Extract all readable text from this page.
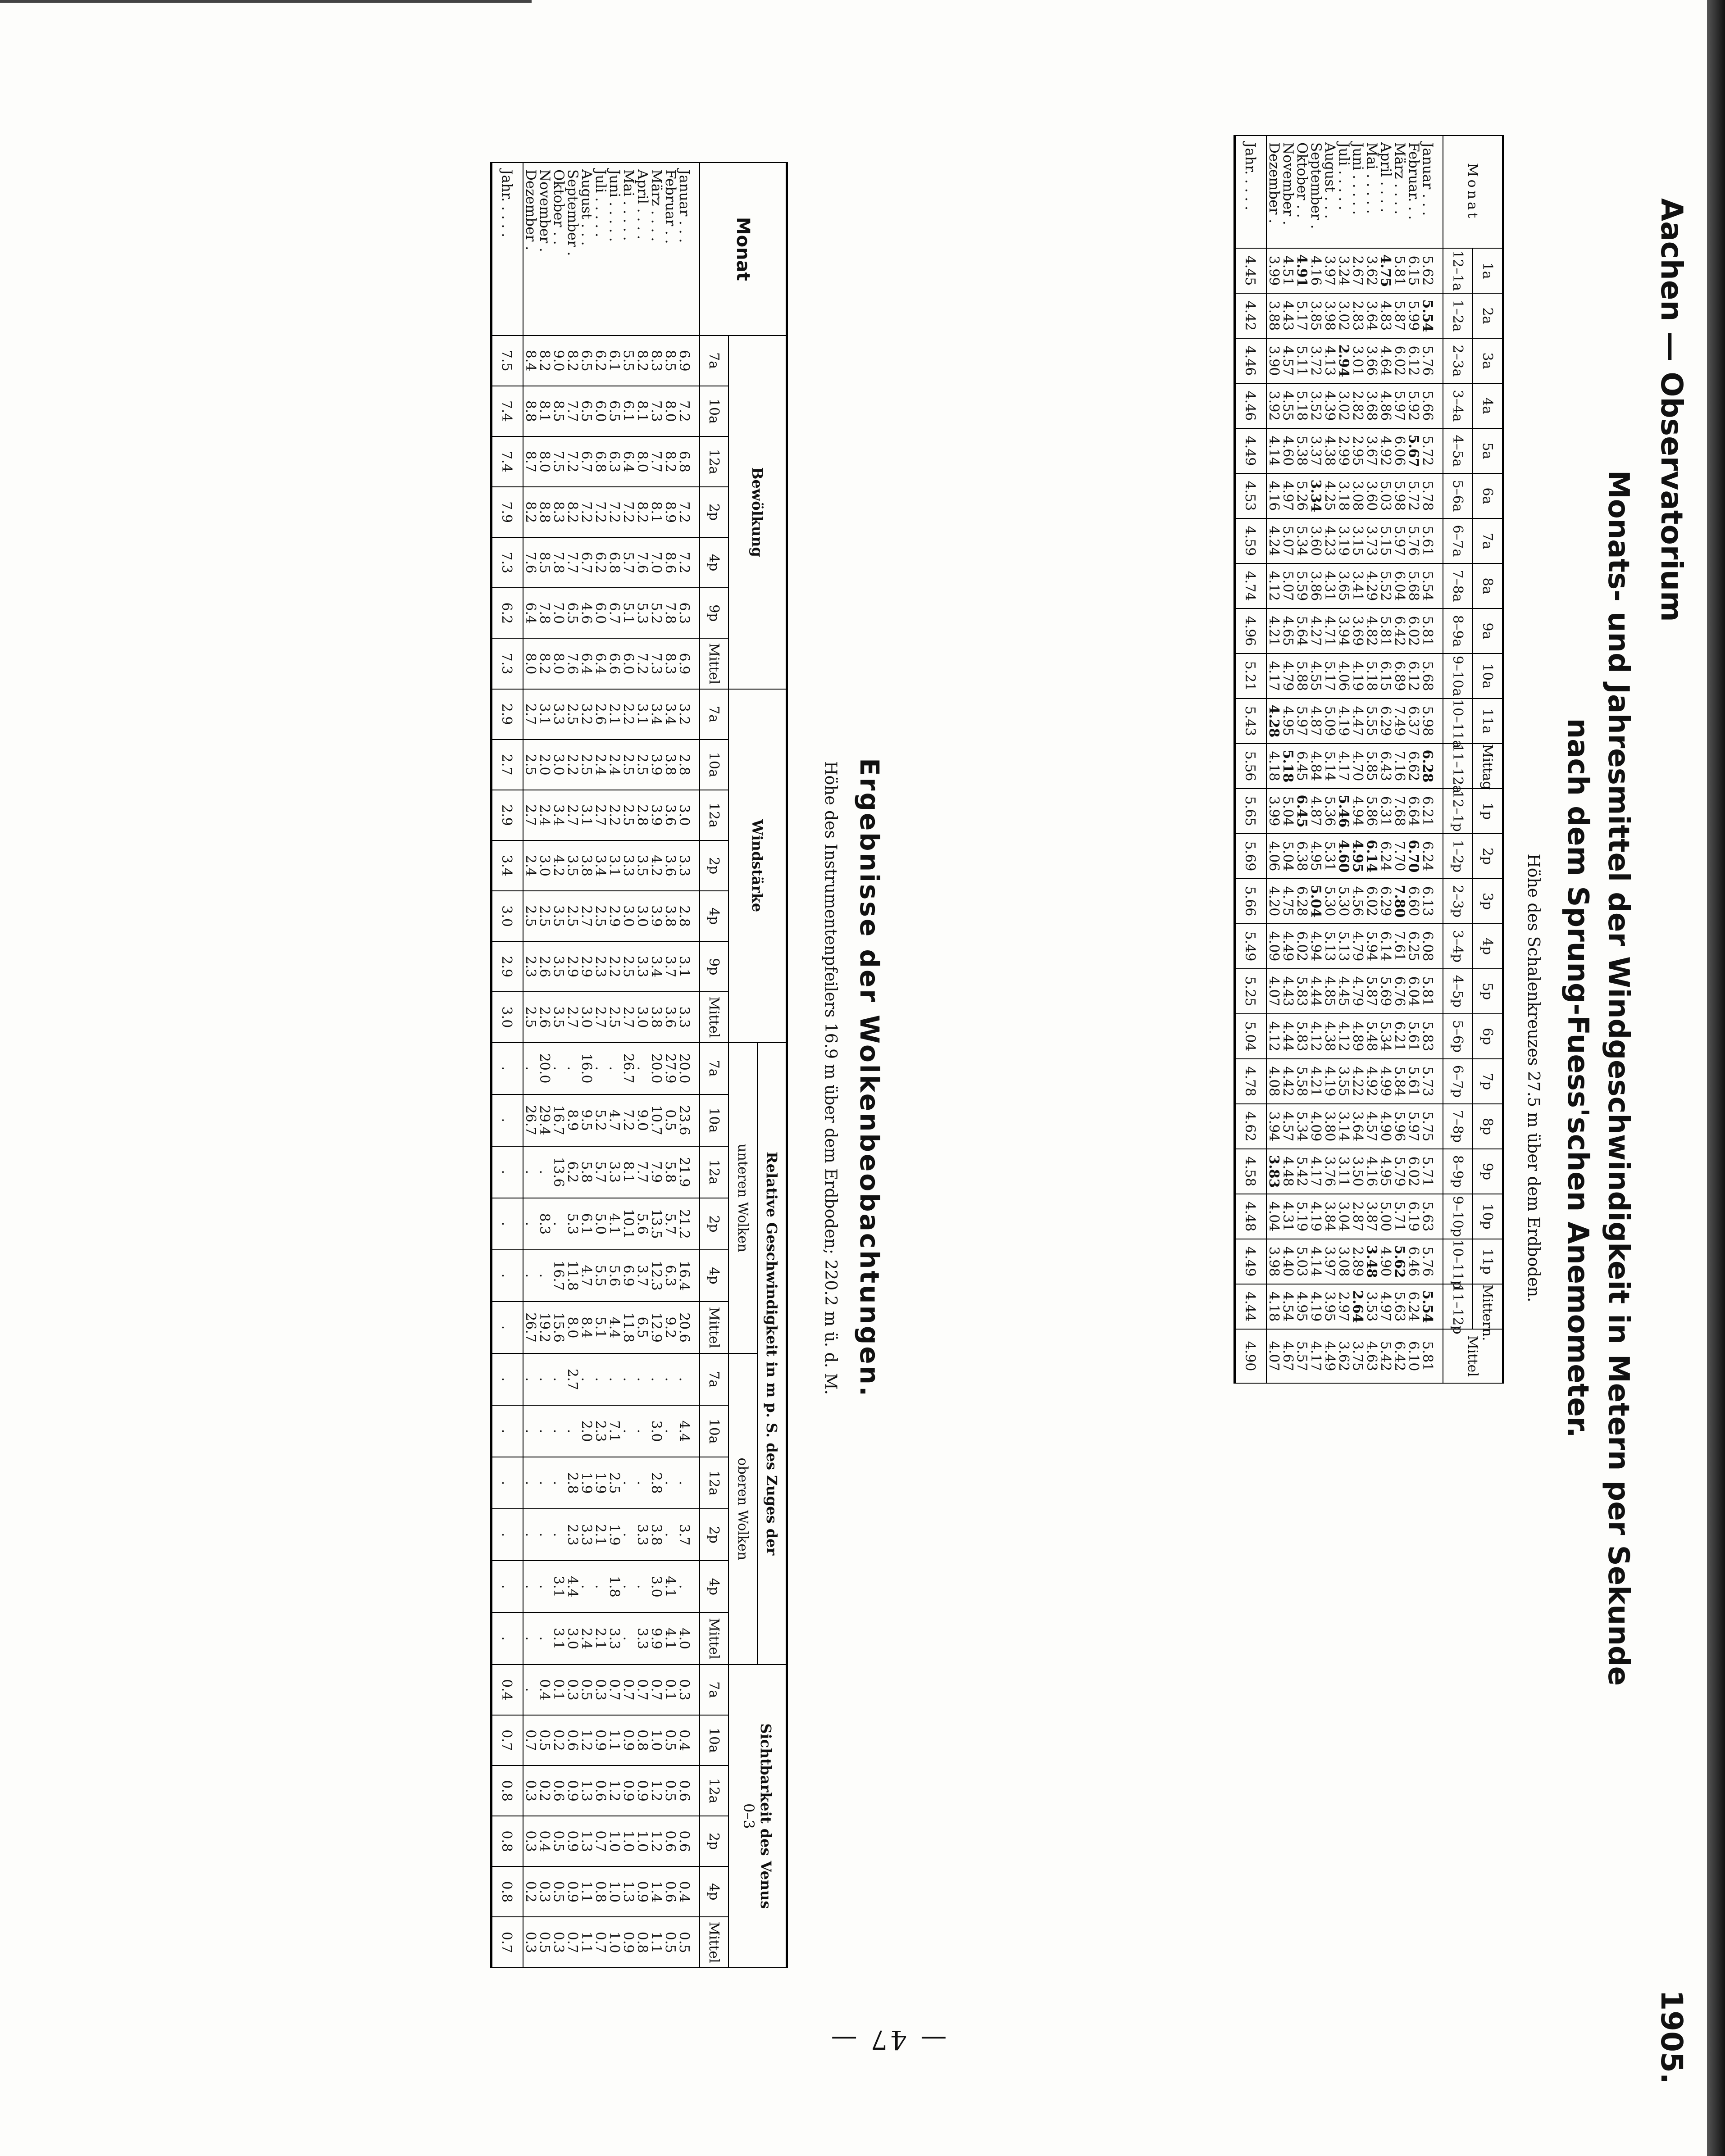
— 47 —
Aachen — Observatorium
1905.
Monats- und Jahresmittel der Windgeschwindigkeit in Metern per Sekunde
nach dem Sprung-Fuess'schen Anemometer.
Höhe des Schalenkreuzes 27.5 m über dem Erdboden.
Monat	1a	2a	3a	4a	5a	6a	7a	8a	9a	10a	11a	Mittag	1p	2p	3p	4p	5p	6p	7p	8p	9p	10p	11p	Mittern.	Mittel
	12–1a	1–2a	2–3a	3–4a	4–5a	5–6a	6–7a	7–8a	8–9a	9–10a	10–11a	11–12a	12–1p	1–2p	2–3p	3–4p	4–5p	5–6p	6–7p	7–8p	8–9p	9–10p	10–11p	11–12p	
Januar . . .	5.62	5.54	5.76	5.66	5.72	5.78	5.61	5.54	5.81	5.68	5.98	6.28	6.21	6.24	6.13	6.08	5.81	5.83	5.73	5.75	5.71	5.63	5.76	5.54	5.81
Februar. . .	6.15	5.99	6.12	5.92	5.67	5.72	5.76	5.68	6.02	6.12	6.37	6.62	6.64	6.70	6.60	6.25	6.04	5.61	5.61	5.97	6.02	6.19	6.46	6.24	6.10
März . . . .	5.81	5.87	6.02	5.97	6.06	5.98	5.97	6.04	6.42	6.89	7.49	7.16	7.68	7.70	7.80	7.61	6.76	6.21	5.84	5.96	5.79	5.71	5.62	5.63	6.42
April . . . .	4.75	4.83	4.64	4.86	4.92	5.03	5.15	5.52	5.81	6.15	6.29	6.43	6.31	6.24	6.29	6.14	5.69	5.34	4.99	4.90	4.95	5.00	4.90	4.97	5.42
Mai . . . . .	3.62	3.64	3.66	3.68	3.67	3.60	3.73	4.29	4.82	5.18	5.55	5.85	5.86	6.14	6.02	5.94	5.87	5.48	4.92	4.57	4.16	3.87	3.48	3.53	4.63
Juni . . . . .	2.67	2.83	3.01	2.82	2.95	3.08	3.15	3.41	3.69	4.19	4.47	4.70	4.94	4.95	4.56	4.79	4.79	4.89	4.22	3.64	3.50	2.87	2.89	2.64	3.75
Juli . . . . .	3.24	3.02	2.94	3.02	2.99	3.18	3.19	3.65	3.94	4.06	4.19	4.17	5.46	4.60	5.30	5.13	4.45	4.12	3.55	3.14	3.11	3.04	3.08	2.97	3.62
August . . .	3.97	3.98	4.13	4.39	4.38	4.25	4.23	4.31	4.71	5.17	5.09	5.14	5.36	5.31	5.30	5.13	4.85	4.38	4.19	3.80	3.76	3.84	3.97	3.95	4.49
September .	4.16	3.85	3.72	3.52	3.37	3.34	3.60	3.86	4.27	4.55	4.87	4.84	4.87	4.95	5.04	4.94	4.44	4.12	4.21	4.09	4.17	4.19	4.14	4.19	4.17
Oktober . .	4.91	5.17	5.11	5.18	5.38	5.26	5.34	5.59	5.64	5.88	5.97	6.45	6.45	6.38	6.28	6.02	5.83	5.83	5.58	5.34	5.42	5.19	5.03	4.95	5.57
November .	4.51	4.43	4.57	4.55	4.60	4.97	5.07	5.07	4.65	4.79	4.95	5.18	5.04	5.04	4.75	4.49	4.43	4.44	4.42	4.57	4.48	4.31	4.40	4.54	4.67
Dezember .	3.99	3.88	3.90	3.92	4.14	4.16	4.24	4.12	4.21	4.17	4.28	4.18	3.99	4.06	4.20	4.09	4.07	4.12	4.08	3.94	3.83	4.04	3.98	4.18	4.07
Jahr. . . . .	4.45	4.42	4.46	4.46	4.49	4.53	4.59	4.74	4.96	5.21	5.43	5.56	5.65	5.69	5.66	5.49	5.25	5.04	4.78	4.62	4.58	4.48	4.49	4.44	4.90
Ergebnisse der Wolkenbeobachtungen.
Höhe des Instrumentenpfeilers 16.9 m über dem Erdboden; 220.2 m ü. d. M.
Monat	Bewölkung							Windstärke							Relative Geschwindigkeit in m p. S. des Zuges der												Sichtbarkeit des Venus
0–3					
															unteren Wolken						oberen Wolken											
	7a	10a	12a	2p	4p	9p	Mittel	7a	10a	12a	2p	4p	9p	Mittel	7a	10a	12a	2p	4p	Mittel	7a	10a	12a	2p	4p	Mittel	7a	10a	12a	2p	4p	Mittel
Januar . . .	6.9	7.2	6.8	7.2	7.2	6.3	6.9	3.2	2.8	3.0	3.3	2.8	3.1	3.3	20.0	23.6	21.9	21.2	16.4	20.6	.	4.4	.	3.7	.	4.0	0.3	0.4	0.6	0.6	0.4	0.5
Februar . .	8.5	8.0	8.2	8.9	8.6	7.8	8.3	3.4	3.8	3.6	3.6	3.8	3.7	3.6	27.9	0.5	5.8	5.7	6.3	9.2	.	.	.	.	4.1	4.1	0.1	0.5	0.5	0.6	0.6	0.5
März . . . .	8.3	7.3	7.7	8.1	7.0	5.2	7.3	3.4	3.9	3.9	4.2	3.9	3.4	3.8	20.0	10.7	7.9	13.5	12.3	12.9	.	3.0	2.8	3.8	3.0	9.9	0.7	1.0	1.2	1.2	1.4	1.1
April . . . .	8.2	8.1	8.0	8.2	7.6	5.3	7.2	3.1	2.5	2.8	3.5	3.0	3.3	3.0	.	9.0	7.7	5.6	3.7	6.5	.	.	.	3.3	.	3.3	0.7	0.8	0.9	1.0	0.9	0.8
Mai . . . . .	5.5	6.1	6.4	7.2	5.7	5.1	6.0	2.2	2.5	2.5	3.3	3.0	2.5	2.7	26.7	7.2	8.1	10.1	6.9	11.8	.	.	.	.	.	.	0.7	0.9	0.9	1.0	1.3	0.9
Juni . . . . .	6.1	6.5	6.3	7.2	6.8	6.7	6.6	2.1	2.4	2.2	3.1	2.9	2.2	2.5	.	4.7	3.3	4.1	5.6	4.4	.	7.1	2.5	1.9	1.8	3.3	0.7	1.1	1.2	1.0	1.0	1.0
Juli . . . . .	6.2	6.0	6.8	7.2	6.2	6.0	6.4	2.6	2.4	2.7	3.4	2.5	2.3	2.7	.	5.2	5.7	5.0	5.5	5.1	.	2.3	1.9	2.1	.	2.1	0.3	0.9	0.6	0.7	0.8	0.7
August . . .	6.5	6.5	6.7	7.2	6.7	4.6	6.4	3.2	2.5	3.1	3.8	2.7	2.9	3.0	16.0	9.5	5.8	6.1	4.7	8.4	.	2.0	1.9	3.3	.	2.4	0.5	1.2	1.3	1.3	1.1	1.1
September .	8.2	7.7	7.2	8.2	7.7	6.5	7.6	2.5	2.2	2.7	3.5	2.5	2.9	2.7	.	8.9	6.2	5.3	11.8	8.0	2.7	.	2.8	2.3	4.4	3.0	0.3	0.6	0.9	0.9	0.9	0.7
Oktober . .	9.0	8.5	7.5	8.3	7.8	7.0	8.0	3.3	3.0	3.4	4.2	3.5	3.5	3.5	.	16.7	13.6	.	16.7	15.6	.	.	.	.	3.1	3.1	0.1	0.2	0.6	0.5	0.5	0.3
November .	8.2	8.1	8.0	8.8	8.5	7.8	8.2	3.1	2.0	2.4	3.0	2.5	2.6	2.6	20.0	29.4	.	8.3	.	19.2	.	.	.	.	.	.	0.4	0.5	0.2	0.4	0.3	0.5
Dezember .	8.4	8.8	8.7	8.2	7.6	6.4	8.0	2.7	2.5	2.7	2.4	2.5	2.3	2.5	.	26.7	.	.	.	26.7	.	.	.	.	.	.	.	0.7	0.3	0.3	0.2	0.3
Jahr. . . . .	7.5	7.4	7.4	7.9	7.3	6.2	7.3	2.9	2.7	2.9	3.4	3.0	2.9	3.0	.	.	.	.	.	.	.	.	.	.	.	.	0.4	0.7	0.8	0.8	0.8	0.7
